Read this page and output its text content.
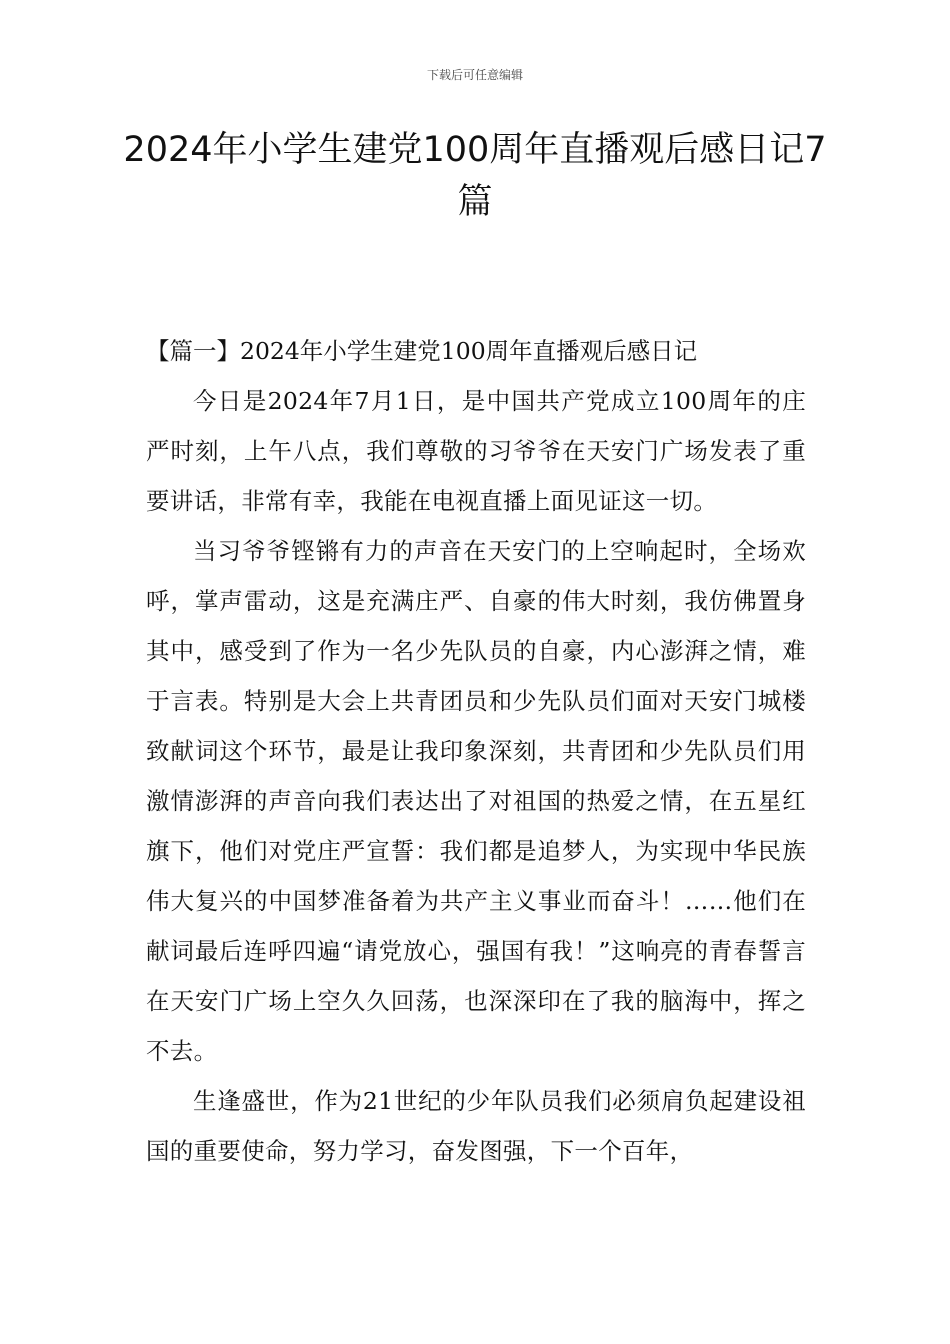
下载后可任意编辑
2024年小学生建党100周年直播观后感日记7篇

【篇一】2024年小学生建党100周年直播观后感日记

今日是2024年7月1日，是中国共产党成立100周年的庄严时刻，上午八点，我们尊敬的习爷爷在天安门广场发表了重要讲话，非常有幸，我能在电视直播上面见证这一切。

当习爷爷铿锵有力的声音在天安门的上空响起时，全场欢呼，掌声雷动，这是充满庄严、自豪的伟大时刻，我仿佛置身其中，感受到了作为一名少先队员的自豪，内心澎湃之情，难于言表。特别是大会上共青团员和少先队员们面对天安门城楼致献词这个环节，最是让我印象深刻，共青团和少先队员们用激情澎湃的声音向我们表达出了对祖国的热爱之情，在五星红旗下，他们对党庄严宣誓：我们都是追梦人，为实现中华民族伟大复兴的中国梦准备着为共产主义事业而奋斗！……他们在献词最后连呼四遍“请党放心，强国有我！”这响亮的青春誓言在天安门广场上空久久回荡，也深深印在了我的脑海中，挥之不去。

生逢盛世，作为21世纪的少年队员我们必须肩负起建设祖国的重要使命，努力学习，奋发图强，下一个百年，
